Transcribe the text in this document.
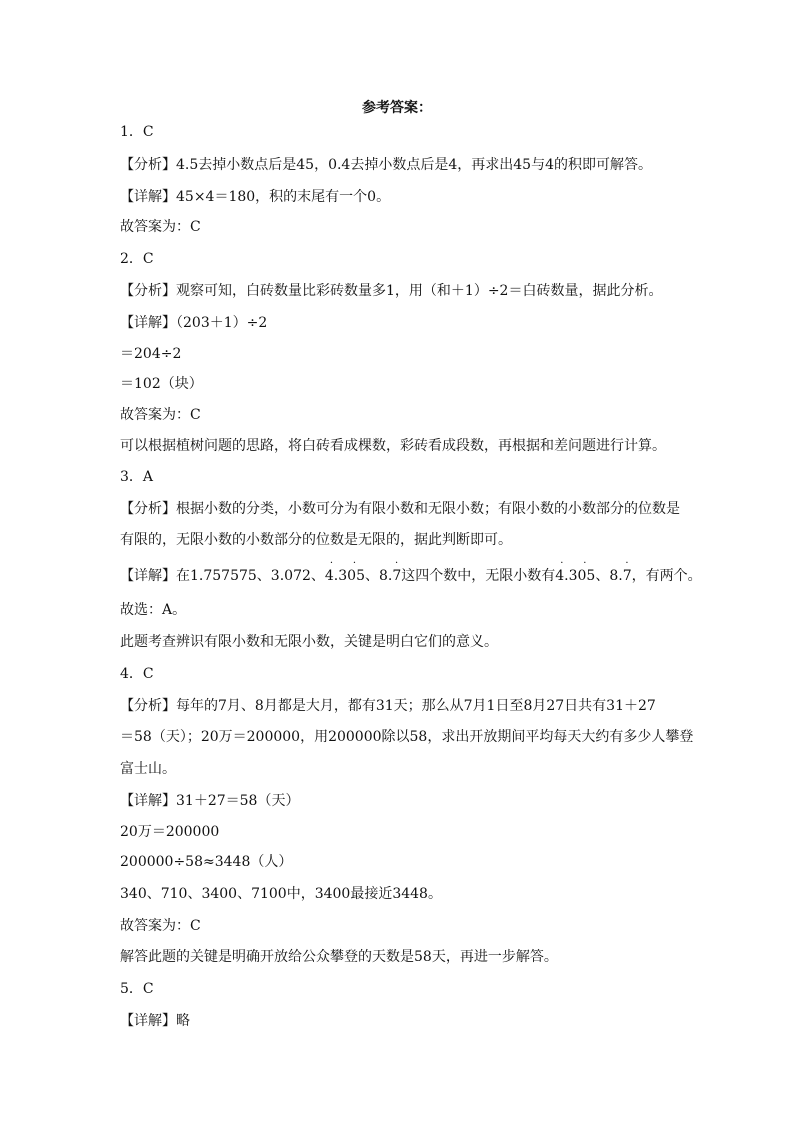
参考答案：
1．C
【分析】4.5去掉小数点后是45，0.4去掉小数点后是4，再求出45与4的积即可解答。
【详解】45×4＝180，积的末尾有一个0。
故答案为：C
2．C
【分析】观察可知，白砖数量比彩砖数量多1，用（和＋1）÷2＝白砖数量，据此分析。
【详解】（203＋1）÷2
＝204÷2
＝102（块）
故答案为：C
可以根据植树问题的思路，将白砖看成棵数，彩砖看成段数，再根据和差问题进行计算。
3．A
【分析】根据小数的分类，小数可分为有限小数和无限小数；有限小数的小数部分的位数是
有限的，无限小数的小数部分的位数是无限的，据此判断即可。
【详解】在1.757575、3.072、4.305
· ·
、8.7
·
这四个数中，无限小数有4.305
· ·
、8.7
·
，有两个。
故选：A。
此题考查辨识有限小数和无限小数，关键是明白它们的意义。
4．C
【分析】每年的7月、8月都是大月，都有31天；那么从7月1日至8月27日共有31＋27
＝58（天）；20万＝200000，用200000除以58，求出开放期间平均每天大约有多少人攀登
富士山。
【详解】31＋27＝58（天）
20万＝200000
200000÷58≈3448（人）
340、710、3400、7100中，3400最接近3448。
故答案为：C
解答此题的关键是明确开放给公众攀登的天数是58天，再进一步解答。
5．C
【详解】略
